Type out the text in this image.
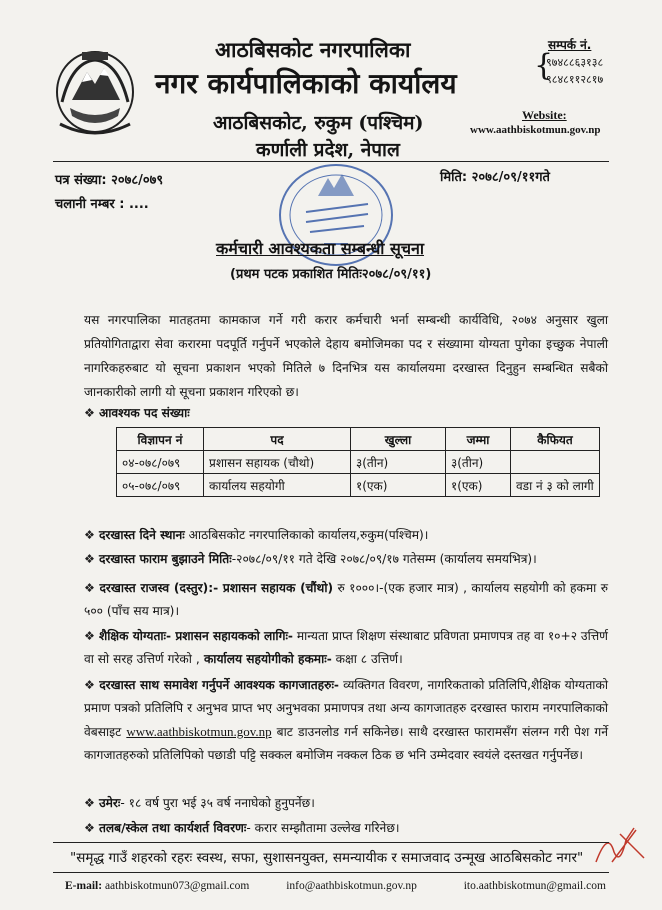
आठबिसकोट नगरपालिका
नगर कार्यपालिकाको कार्यालय
आठबिसकोट, रुकुम (पश्चिम)
कर्णाली प्रदेश, नेपाल
सम्पर्क नं.
{
९७४८८६३१३८
९८४८११२८१७
Website:
www.aathbiskotmun.gov.np
पत्र संख्या: २०७८/०७९
चलानी नम्बर : ....
मिति: २०७८/०९/११गते
कर्मचारी आवश्यकता सम्बन्धी सूचना
(प्रथम पटक प्रकाशित मितिः२०७८/०९/११)
यस नगरपालिका मातहतमा कामकाज गर्ने गरी करार कर्मचारी भर्ना सम्बन्धी कार्यविधि, २०७४ अनुसार खुला प्रतियोगिताद्वारा सेवा करारमा पदपूर्ति गर्नुपर्ने भएकोले देहाय बमोजिमका पद र संख्यामा योग्यता पुगेका इच्छुक नेपाली नागरिकहरुबाट यो सूचना प्रकाशन भएको मितिले ७ दिनभित्र यस कार्यालयमा दरखास्त दिनुहुन सम्बन्धित सबैको जानकारीको लागी यो सूचना प्रकाशन गरिएको छ।
❖ आवश्यक पद संख्याः
विज्ञापन नं	पद	खुल्ला	जम्मा	कैफियत
०४-०७८/०७९	प्रशासन सहायक (चौथो)	३(तीन)	३(तीन)	
०५-०७८/०७९	कार्यालय सहयोगी	१(एक)	१(एक)	वडा नं ३ को लागी
❖ दरखास्त दिने स्थानः आठबिसकोट नगरपालिकाको कार्यालय,रुकुम(पश्चिम)।
❖ दरखास्त फाराम बुझाउने मितिः-२०७८/०९/११ गते देखि २०७८/०९/१७ गतेसम्म (कार्यालय समयभित्र)।
❖ दरखास्त राजस्व (दस्तुर):- प्रशासन सहायक (चौंथो) रु १०००।-(एक हजार मात्र) , कार्यालय सहयोगी को हकमा रु ५०० (पाँच सय मात्र)।
❖ शैक्षिक योग्यताः- प्रशासन सहायकको लागिः- मान्यता प्राप्त शिक्षण संस्थाबाट प्रविणता प्रमाणपत्र तह वा १०+२ उत्तिर्ण वा सो सरह उत्तिर्ण गरेको , कार्यालय सहयोगीको हकमाः- कक्षा ८ उत्तिर्ण।
❖ दरखास्त साथ समावेश गर्नुपर्ने आवश्यक कागजातहरुः- व्यक्तिगत विवरण, नागरिकताको प्रतिलिपि,शैक्षिक योग्यताको प्रमाण पत्रको प्रतिलिपि र अनुभव प्राप्त भए अनुभवका प्रमाणपत्र तथा अन्य कागजातहरु दरखास्त फाराम नगरपालिकाको वेबसाइट www.aathbiskotmun.gov.np बाट डाउनलोड गर्न सकिनेछ। साथै दरखास्त फारामसँग संलग्न गरी पेश गर्ने कागजातहरुको प्रतिलिपिको पछाडी पट्टि सक्कल बमोजिम नक्कल ठिक छ भनि उम्मेदवार स्वयंले दस्तखत गर्नुपर्नेछ।
❖ उमेरः- १८ वर्ष पुरा भई ३५ वर्ष ननाघेको हुनुपर्नेछ।
❖ तलब/स्केल तथा कार्यशर्त विवरणः- करार सम्झौतामा उल्लेख गरिनेछ।
"समृद्ध गाउँ शहरको रहरः स्वस्थ, सफा, सुशासनयुक्त, समन्यायीक र समाजवाद उन्मूख आठबिसकोट नगर"
E-mail: aathbiskotmun073@gmail.com	info@aathbiskotmun.gov.np	ito.aathbiskotmun@gmail.com
